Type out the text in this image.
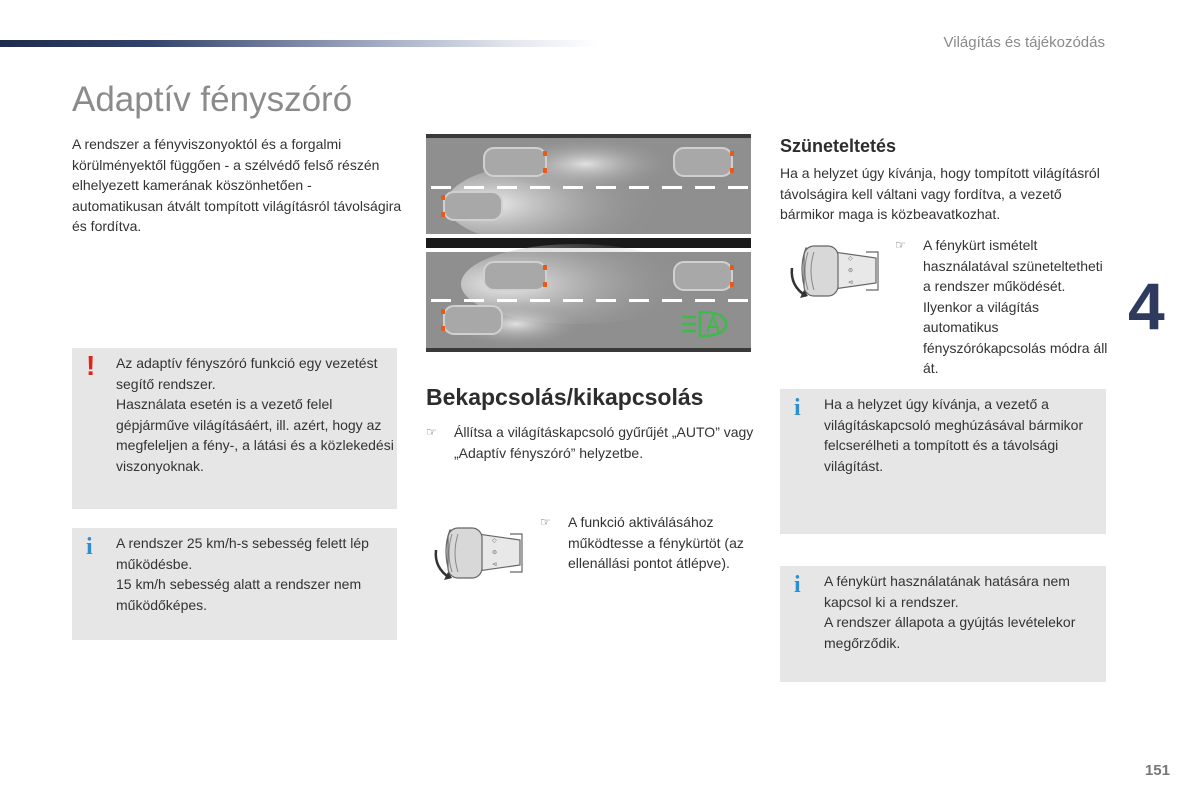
Világítás és tájékozódás
Adaptív fényszóró
4
151

A rendszer a fényviszonyoktól és a forgalmi körülményektől függően - a szélvédő felső részén elhelyezett kamerának köszönhetően - automatikusan átvált tompított világításról távolságira és fordítva.

! Az adaptív fényszóró funkció egy vezetést segítő rendszer.
Használata esetén is a vezető felel gépjárműve világításáért, ill. azért, hogy az megfeleljen a fény-, a látási és a közlekedési viszonyoknak.

i A rendszer 25 km/h-s sebesség felett lép működésbe.
15 km/h sebesség alatt a rendszer nem működőképes.

Bekapcsolás/kikapcsolás
☞	Állítsa a világításkapcsoló gyűrűjét „AUTO” vagy „Adaptív fényszóró” helyzetbe.
◇
⊜
⊲
☞	A funkció aktiválásához működtesse a fénykürtöt (az ellenállási pontot átlépve).
Szüneteltetés

Ha a helyzet úgy kívánja, hogy tompított világításról távolságira kell váltani vagy fordítva, a vezető bármikor maga is közbeavatkozhat.

◇
⊜
⊲
☞	A fénykürt ismételt használatával szüneteltetheti a rendszer működését. Ilyenkor a világítás automatikus fényszórókapcsolás módra áll át.
i Ha a helyzet úgy kívánja, a vezető a világításkapcsoló meghúzásával bármikor felcserélheti a tompított és a távolsági világítást.

i A fénykürt használatának hatására nem kapcsol ki a rendszer.
A rendszer állapota a gyújtás levételekor megőrződik.
